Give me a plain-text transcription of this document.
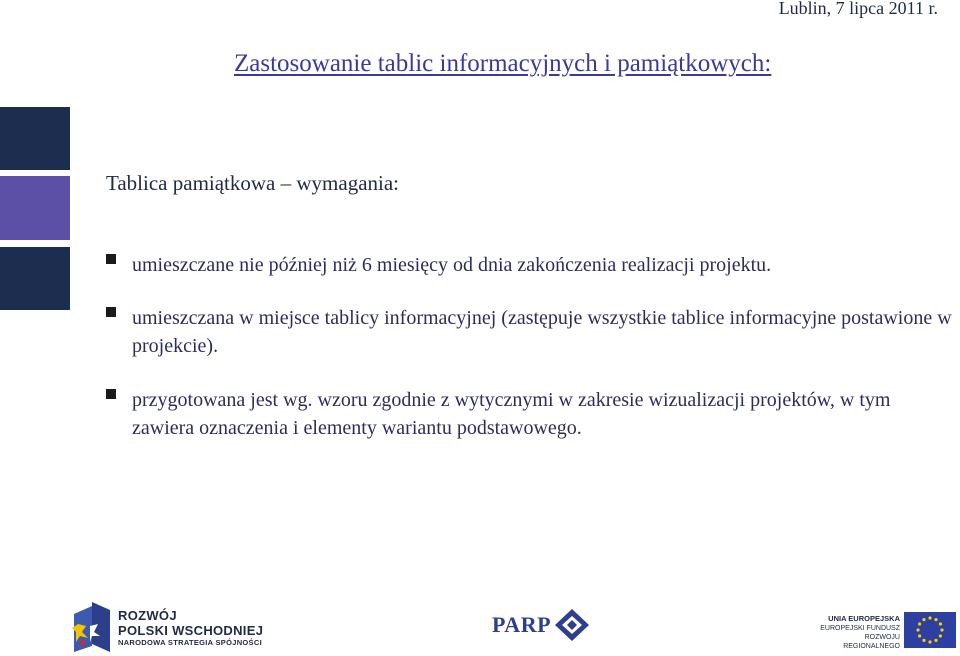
Lublin, 7 lipca 2011 r.
Zastosowanie tablic informacyjnych i pamiątkowych:
Tablica pamiątkowa – wymagania:
umieszczane nie później niż 6 miesięcy od dnia zakończenia realizacji projektu.
umieszczana w miejsce tablicy informacyjnej (zastępuje wszystkie tablice informacyjne postawione w projekcie).
przygotowana jest wg. wzoru zgodnie z wytycznymi w zakresie wizualizacji projektów, w tym zawiera oznaczenia i elementy wariantu podstawowego.
ROZWÓJ
POLSKI WSCHODNIEJ
NARODOWA STRATEGIA SPÓJNOŚCI
PARP	UNIA EUROPEJSKA
EUROPEJSKI FUNDUSZ
ROZWOJU REGIONALNEGO
